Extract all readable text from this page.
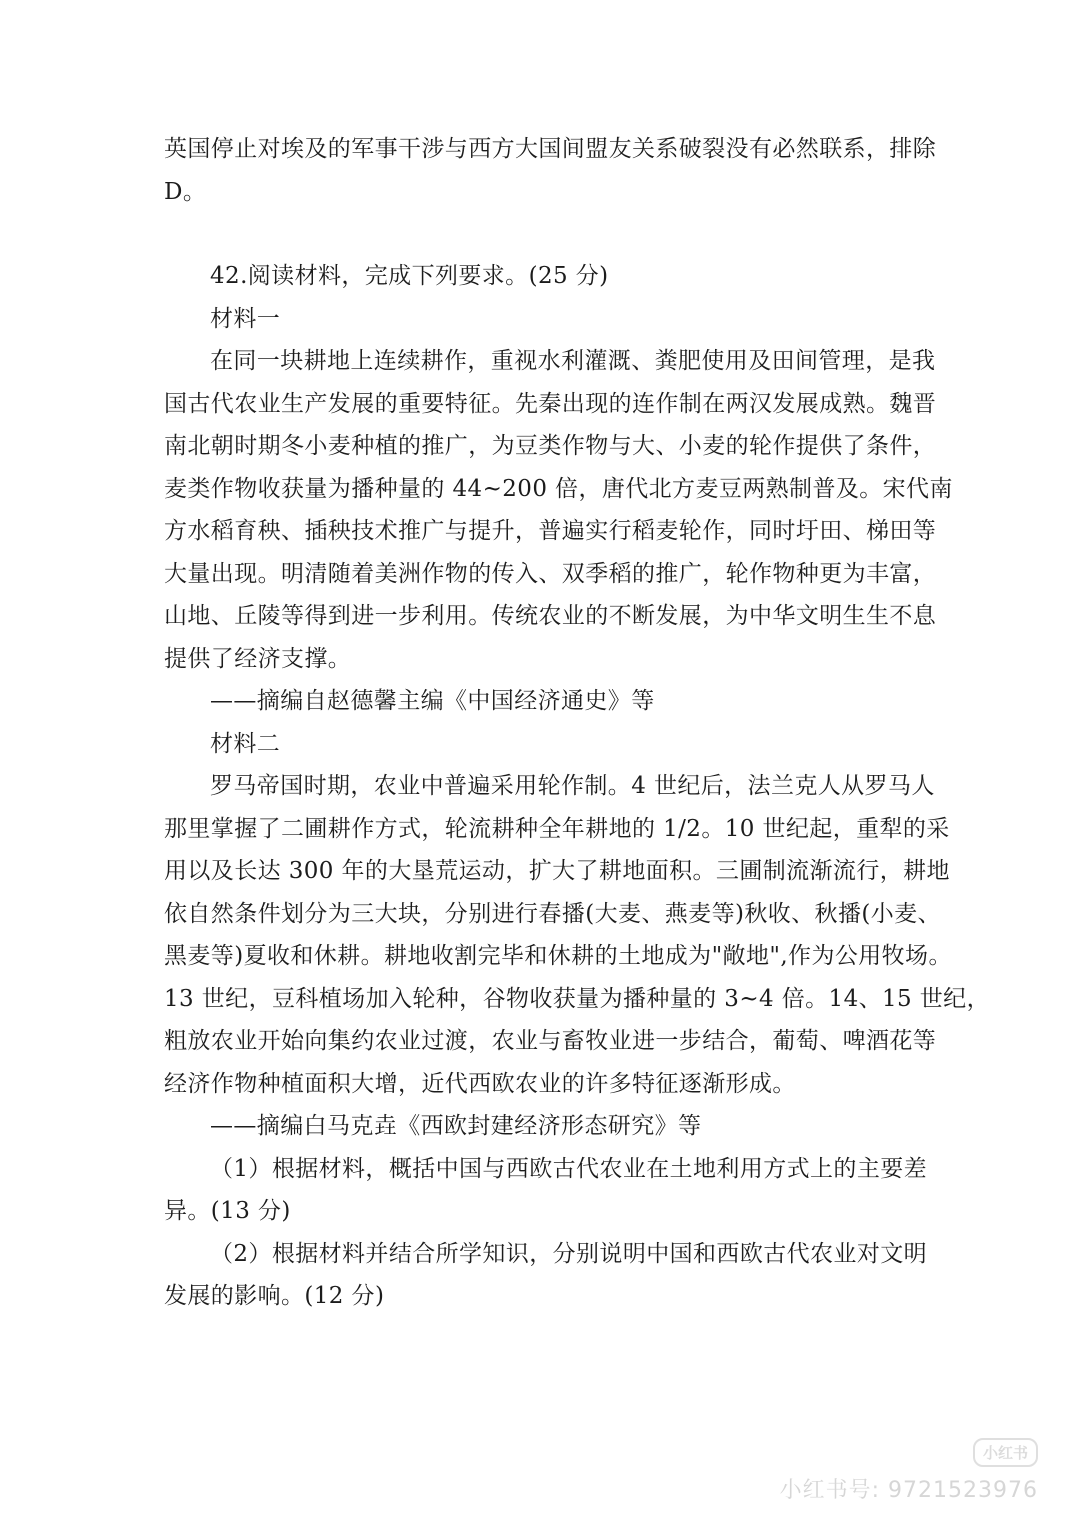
英国停止对埃及的军事干涉与西方大国间盟友关系破裂没有必然联系，排除
D。
42.阅读材料，完成下列要求。(25 分)
材料一
在同一块耕地上连续耕作，重视水利灌溉、粪肥使用及田间管理，是我
国古代农业生产发展的重要特征。先秦出现的连作制在两汉发展成熟。魏晋
南北朝时期冬小麦种植的推广，为豆类作物与大、小麦的轮作提供了条件，
麦类作物收获量为播种量的 44~200 倍，唐代北方麦豆两熟制普及。宋代南
方水稻育秧、插秧技术推广与提升，普遍实行稻麦轮作，同时圩田、梯田等
大量出现。明清随着美洲作物的传入、双季稻的推广，轮作物种更为丰富，
山地、丘陵等得到进一步利用。传统农业的不断发展，为中华文明生生不息
提供了经济支撑。
——摘编自赵德馨主编《中国经济通史》等
材料二
罗马帝国时期，农业中普遍采用轮作制。4 世纪后，法兰克人从罗马人
那里掌握了二圃耕作方式，轮流耕种全年耕地的 1/2。10 世纪起，重犁的采
用以及长达 300 年的大垦荒运动，扩大了耕地面积。三圃制流渐流行，耕地
依自然条件划分为三大块，分别进行春播(大麦、燕麦等)秋收、秋播(小麦、
黑麦等)夏收和休耕。耕地收割完毕和休耕的土地成为"敞地",作为公用牧场。
13 世纪，豆科植场加入轮种，谷物收获量为播种量的 3~4 倍。14、15 世纪，
粗放农业开始向集约农业过渡，农业与畜牧业进一步结合，葡萄、啤酒花等
经济作物种植面积大增，近代西欧农业的许多特征逐渐形成。
——摘编白马克垚《西欧封建经济形态研究》等
（1）根据材料，概括中国与西欧古代农业在土地利用方式上的主要差
异。(13 分)
（2）根据材料并结合所学知识，分别说明中国和西欧古代农业对文明
发展的影响。(12 分)
小红书
小红书号: 9721523976
